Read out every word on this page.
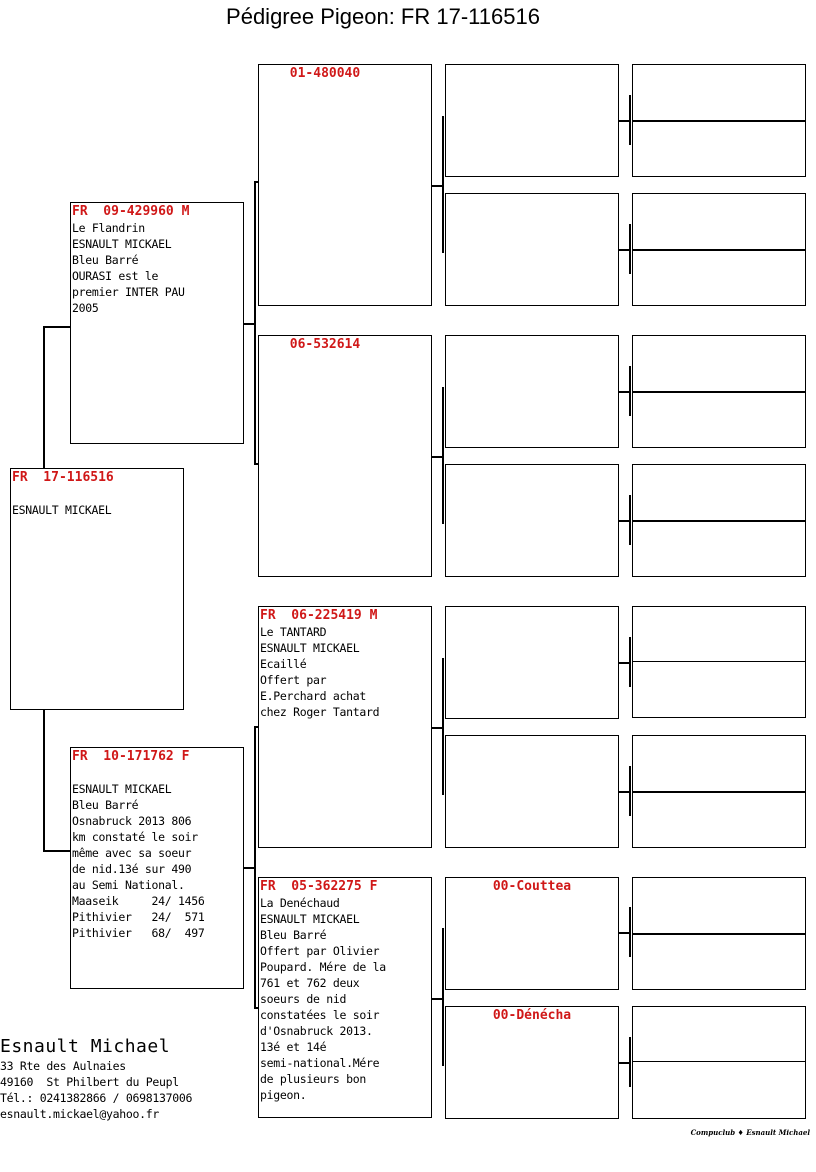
Pédigree Pigeon: FR 17-116516
FR  17-116516

ESNAULT MICKAEL
FR  09-429960 M
Le Flandrin
ESNAULT MICKAEL
Bleu Barré
OURASI est le
premier INTER PAU
2005
FR  10-171762 F

ESNAULT MICKAEL
Bleu Barré
Osnabruck 2013 806
km constaté le soir
même avec sa soeur
de nid.13é sur 490
au Semi National.
Maaseik     24/ 1456
Pithivier   24/  571
Pithivier   68/  497
01-480040
06-532614
FR  06-225419 M
Le TANTARD
ESNAULT MICKAEL
Ecaillé
Offert par
E.Perchard achat
chez Roger Tantard
FR  05-362275 F
La Denéchaud
ESNAULT MICKAEL
Bleu Barré
Offert par Olivier
Poupard. Mére de la
761 et 762 deux
soeurs de nid
constatées le soir
d'Osnabruck 2013.
13é et 14é
semi-national.Mére
de plusieurs bon
pigeon.
00-Couttea
00-Dénécha
Esnault Michael
33 Rte des Aulnaies
49160  St Philbert du Peupl
Tél.: 0241382866 / 0698137006
esnault.mickael@yahoo.fr
Compuclub ♦ Esnault Michael
